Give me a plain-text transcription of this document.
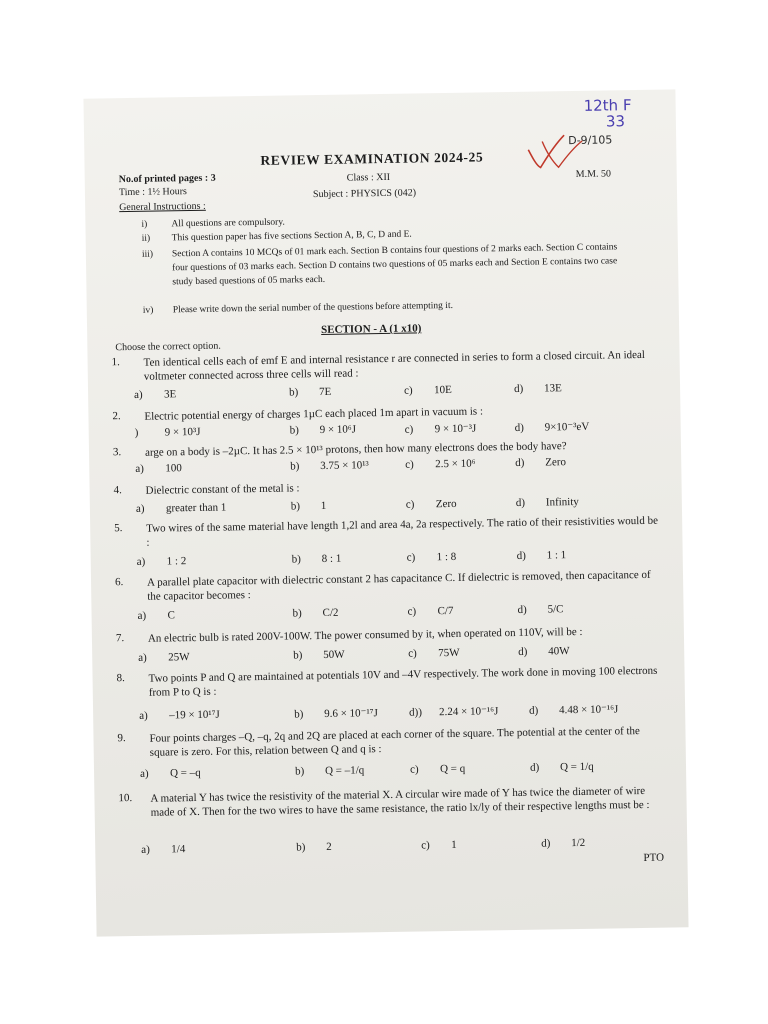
12th F
33
D-9/105
REVIEW EXAMINATION 2024-25
No.of printed pages : 3	Class : XII	M.M. 50
Time : 1½ Hours	Subject : PHYSICS (042)
General Instructions :
i)	All questions are compulsory.
ii) This question paper has five sections Section A, B, C, D and E.
iii) Section A contains 10 MCQs of 01 mark each. Section B contains four questions of 2 marks each. Section C contains four questions of 03 marks each. Section D contains two questions of 05 marks each and Section E contains two case study based questions of 05 marks each.
iv) Please write down the serial number of the questions before attempting it.
SECTION - A (1 x10)
Choose the correct option.
1.	Ten identical cells each of emf E and internal resistance r are connected in series to form a closed circuit. An ideal voltmeter connected across three cells will read :
a) 3E	b) 7E	c) 10E	d) 13E
2.	Electric potential energy of charges 1µC each placed 1m apart in vacuum is :
) 9 × 10³J	b) 9 × 10⁶J	c) 9 × 10⁻³J	d) 9×10⁻³eV
3.	arge on a body is –2µC. It has 2.5 × 10¹³ protons, then how many electrons does the body have?
a) 100	b) 3.75 × 10¹³	c) 2.5 × 10⁶	d) Zero
4.	Dielectric constant of the metal is :
a) greater than 1	b) 1	c) Zero	d) Infinity
5.	Two wires of the same material have length 1,2l and area 4a, 2a respectively. The ratio of their resistivities would be :
a) 1 : 2	b) 8 : 1	c) 1 : 8	d) 1 : 1
6.	A parallel plate capacitor with dielectric constant 2 has capacitance C. If dielectric is removed, then capacitance of the capacitor becomes :
a) C	b) C/2	c) C/7	d) 5/C
7.	An electric bulb is rated 200V-100W. The power consumed by it, when operated on 110V, will be :
a) 25W	b) 50W	c) 75W	d) 40W
8.	Two points P and Q are maintained at potentials 10V and –4V respectively. The work done in moving 100 electrons from P to Q is :
a) –19 × 10¹⁷J	b) 9.6 × 10⁻¹⁷J	d)) 2.24 × 10⁻¹⁶J	d) 4.48 × 10⁻¹⁶J
9.	Four points charges –Q, –q, 2q and 2Q are placed at each corner of the square. The potential at the center of the square is zero. For this, relation between Q and q is :
a) Q = –q	b) Q = –1/q	c) Q = q	d) Q = 1/q
10.	A material Y has twice the resistivity of the material X. A circular wire made of Y has twice the diameter of wire made of X. Then for the two wires to have the same resistance, the ratio lx/ly of their respective lengths must be :
a) 1/4	b) 2	c) 1	d) 1/2
PTO
